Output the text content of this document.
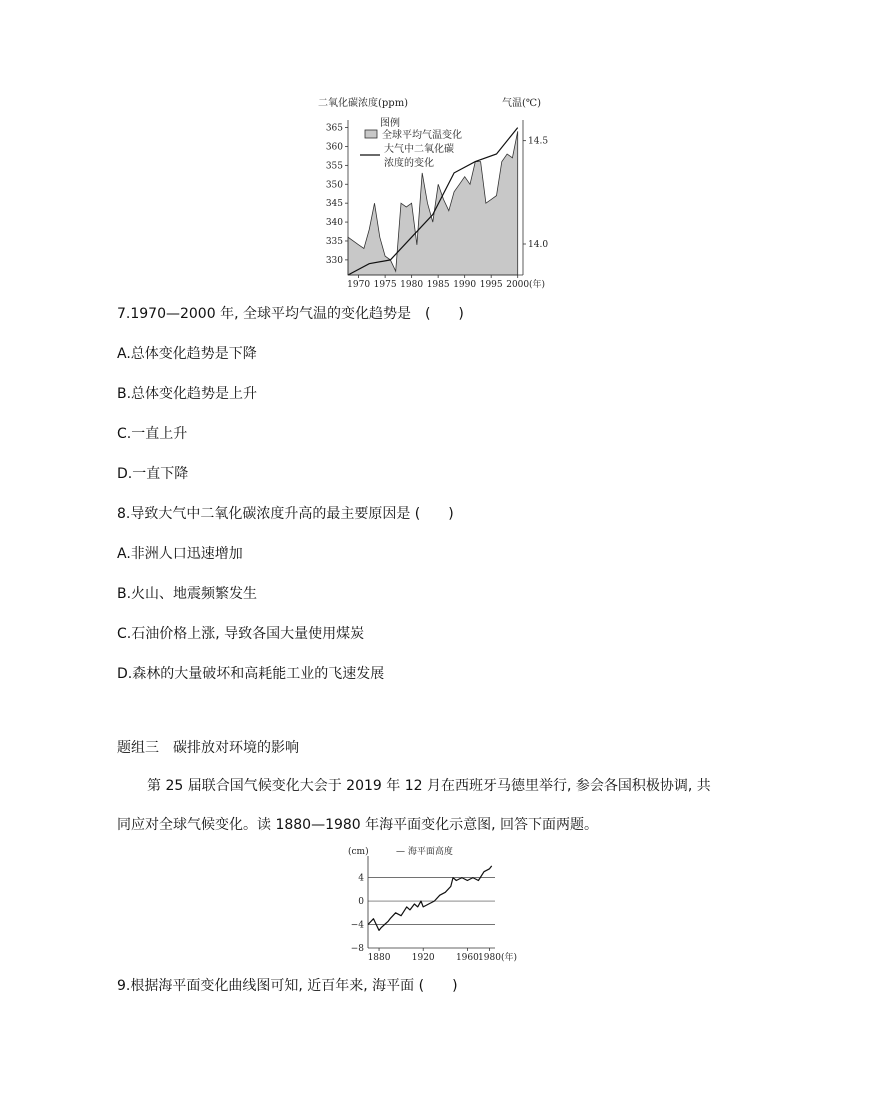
二氧化碳浓度(ppm)	气温(℃)
365
360
355
350
345
340
335
330
14.5
14.0
1970 1975 1980 1985 1990 1995 2000 (年)
图例
全球平均气温变化
大气中二氧化碳
浓度的变化
7.1970—2000 年, 全球平均气温的变化趋势是　(　　)
A.总体变化趋势是下降
B.总体变化趋势是上升
C.一直上升
D.一直下降
8.导致大气中二氧化碳浓度升高的最主要原因是 (　　)
A.非洲人口迅速增加
B.火山、地震频繁发生
C.石油价格上涨, 导致各国大量使用煤炭
D.森林的大量破坏和高耗能工业的飞速发展
题组三　碳排放对环境的影响
第 25 届联合国气候变化大会于 2019 年 12 月在西班牙马德里举行, 参会各国积极协调, 共
同应对全球气候变化。读 1880—1980 年海平面变化示意图, 回答下面两题。
(cm)	— 海平面高度
4
0
−4
−8
1880 1920 1960 1980 (年)
9.根据海平面变化曲线图可知, 近百年来, 海平面 (　　)
